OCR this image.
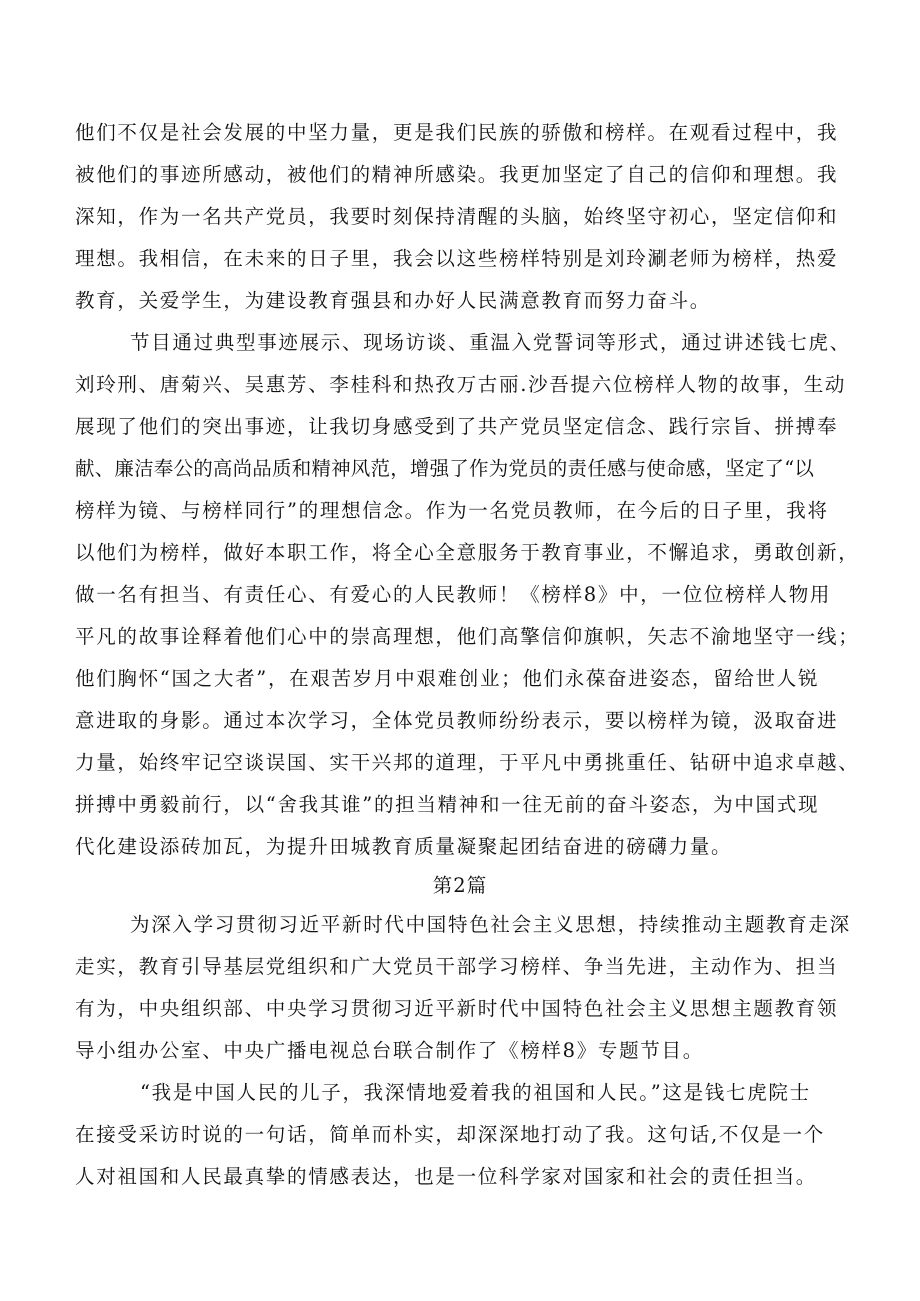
他们不仅是社会发展的中坚力量，更是我们民族的骄傲和榜样。在观看过程中，我
被他们的事迹所感动，被他们的精神所感染。我更加坚定了自己的信仰和理想。我
深知，作为一名共产党员，我要时刻保持清醒的头脑，始终坚守初心，坚定信仰和
理想。我相信，在未来的日子里，我会以这些榜样特别是刘玲涮老师为榜样，热爱
教育，关爱学生，为建设教育强县和办好人民满意教育而努力奋斗。
节目通过典型事迹展示、现场访谈、重温入党誓词等形式，通过讲述钱七虎、
刘玲刑、唐菊兴、吴惠芳、李桂科和热孜万古丽.沙吾提六位榜样人物的故事，生动
展现了他们的突出事迹，让我切身感受到了共产党员坚定信念、践行宗旨、拼搏奉
献、廉洁奉公的高尚品质和精神风范，增强了作为党员的责任感与使命感，坚定了“以
榜样为镜、与榜样同行”的理想信念。作为一名党员教师，在今后的日子里，我将
以他们为榜样，做好本职工作，将全心全意服务于教育事业，不懈追求，勇敢创新，
做一名有担当、有责任心、有爱心的人民教师！《榜样8》中，一位位榜样人物用
平凡的故事诠释着他们心中的崇高理想，他们高擎信仰旗帜，矢志不渝地坚守一线；
他们胸怀“国之大者”，在艰苦岁月中艰难创业；他们永葆奋进姿态，留给世人锐
意进取的身影。通过本次学习，全体党员教师纷纷表示，要以榜样为镜，汲取奋进
力量，始终牢记空谈误国、实干兴邦的道理，于平凡中勇挑重任、钻研中追求卓越、
拼搏中勇毅前行，以“舍我其谁”的担当精神和一往无前的奋斗姿态，为中国式现
代化建设添砖加瓦，为提升田城教育质量凝聚起团结奋进的磅礴力量。
第2篇
为深入学习贯彻习近平新时代中国特色社会主义思想，持续推动主题教育走深
走实，教育引导基层党组织和广大党员干部学习榜样、争当先进，主动作为、担当
有为，中央组织部、中央学习贯彻习近平新时代中国特色社会主义思想主题教育领
导小组办公室、中央广播电视总台联合制作了《榜样8》专题节目。
“我是中国人民的儿子，我深情地爱着我的祖国和人民。”这是钱七虎院士
在接受采访时说的一句话，简单而朴实，却深深地打动了我。这句话,不仅是一个
人对祖国和人民最真挚的情感表达，也是一位科学家对国家和社会的责任担当。
